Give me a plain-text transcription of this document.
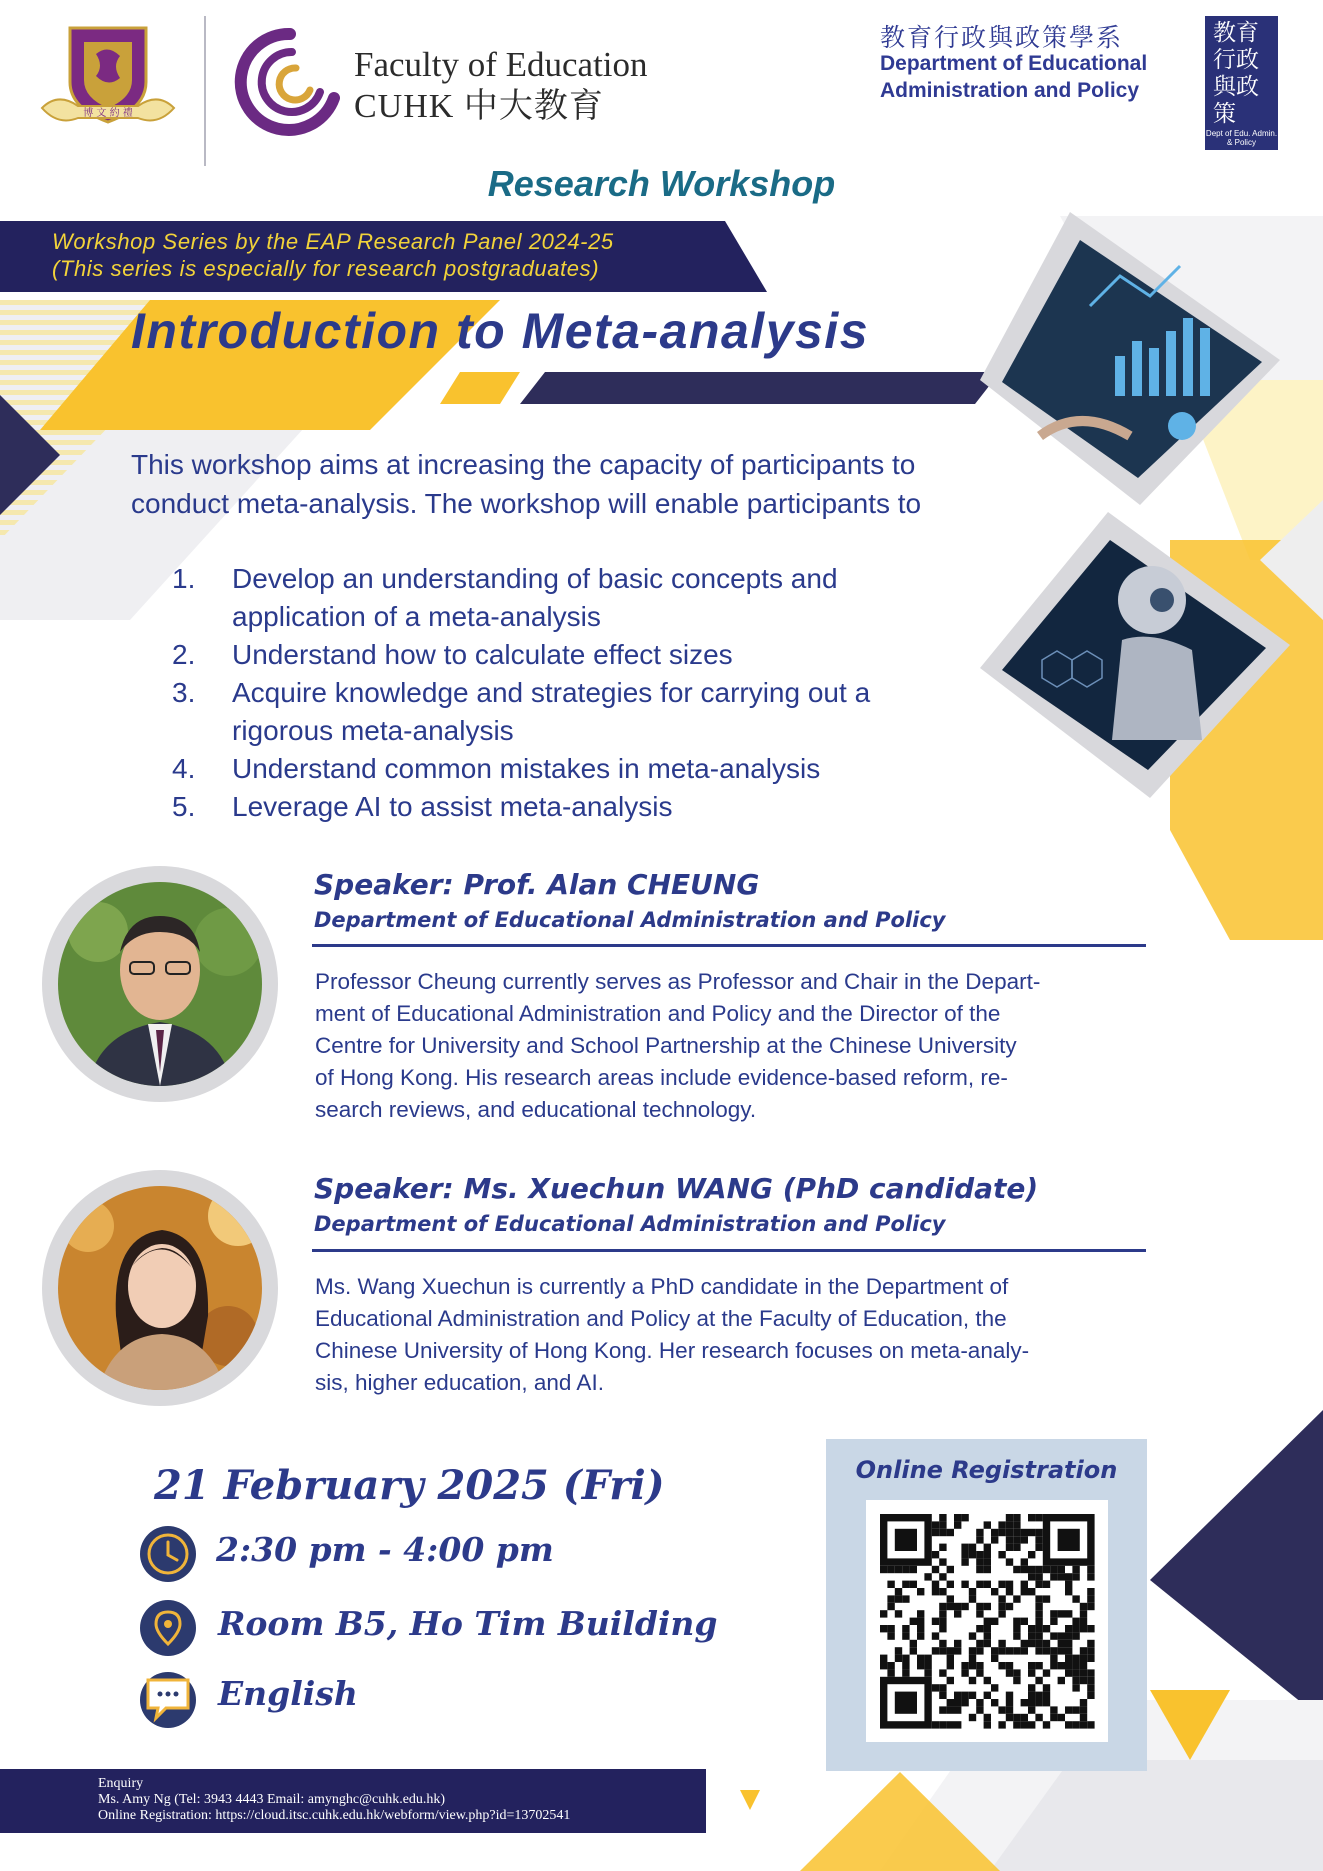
博 文 約 禮
Faculty of Education
CUHK 中大教育
教育行政與政策學系
Department of Educational
Administration and Policy
教育行政與政策
Dept of Edu. Admin. & Policy
Research Workshop
Workshop Series by the EAP Research Panel 2024-25
(This series is especially for research postgraduates)
Introduction to Meta-analysis
This workshop aims at increasing the capacity of participants to
conduct meta-analysis. The workshop will enable participants to
1. Develop an understanding of basic concepts and
application of a meta-analysis
2. Understand how to calculate effect sizes
3. Acquire knowledge and strategies for carrying out a
rigorous meta-analysis
4. Understand common mistakes in meta-analysis
5. Leverage AI to assist meta-analysis
Speaker: Prof. Alan CHEUNG
Department of Educational Administration and Policy
Professor Cheung currently serves as Professor and Chair in the Depart-
ment of Educational Administration and Policy and the Director of the
Centre for University and School Partnership at the Chinese University
of Hong Kong. His research areas include evidence-based reform, re-
search reviews, and educational technology.
Speaker: Ms. Xuechun WANG (PhD candidate)
Department of Educational Administration and Policy
Ms. Wang Xuechun is currently a PhD candidate in the Department of
Educational Administration and Policy at the Faculty of Education, the
Chinese University of Hong Kong. Her research focuses on meta-analy-
sis, higher education, and AI.
21 February 2025 (Fri)
2:30 pm - 4:00 pm
Room B5, Ho Tim Building
English
Online Registration
Enquiry
Ms. Amy Ng (Tel: 3943 4443 Email: amynghc@cuhk.edu.hk)
Online Registration: https://cloud.itsc.cuhk.edu.hk/webform/view.php?id=13702541
